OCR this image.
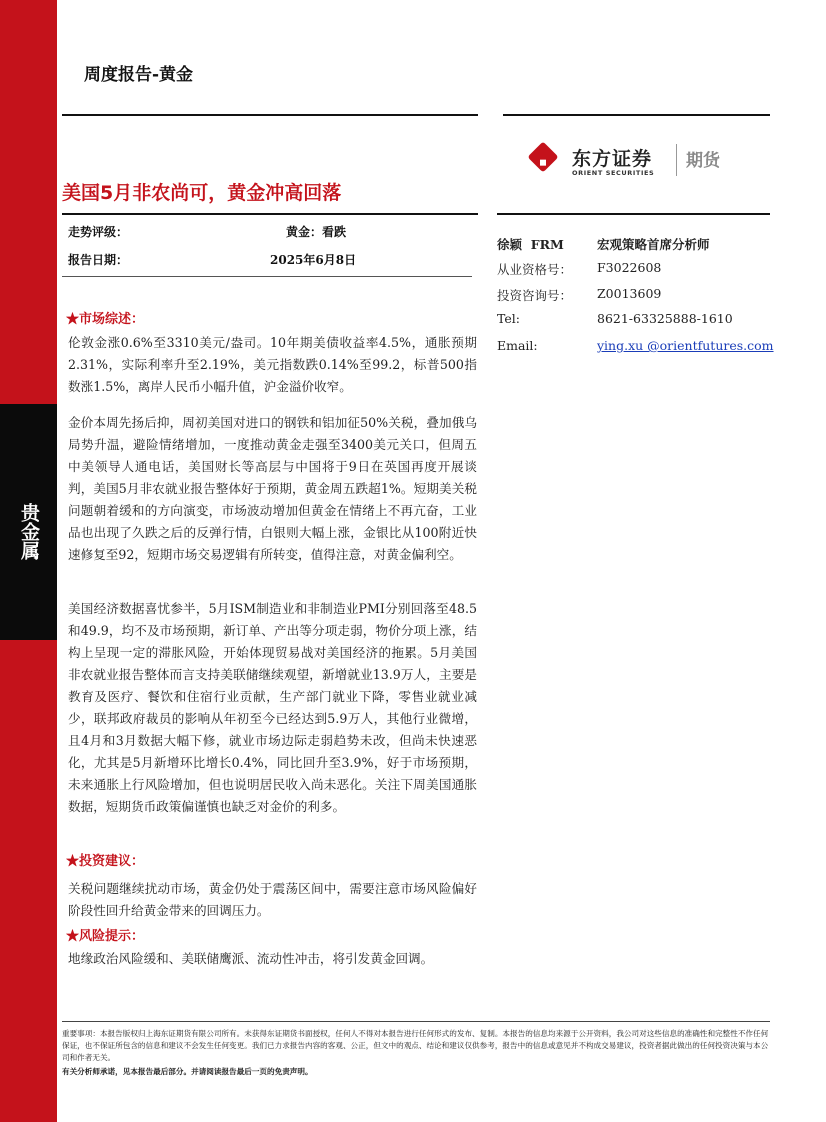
贵金属
周度报告-黄金
东方证券
ORIENT SECURITIES
期货
美国5月非农尚可，黄金冲高回落
走势评级：	黄金：看跌
报告日期：	2025年6月8日
徐颖  FRM	宏观策略首席分析师
从业资格号： F3022608
投资咨询号： Z0013609
Tel:	8621-63325888-1610
Email:	ying.xu @orientfutures.com
★市场综述：
伦敦金涨0.6%至3310美元/盎司。10年期美债收益率4.5%，通胀预期2.31%，实际利率升至2.19%，美元指数跌0.14%至99.2，标普500指数涨1.5%，离岸人民币小幅升值，沪金溢价收窄。
金价本周先扬后抑，周初美国对进口的钢铁和铝加征50%关税，叠加俄乌局势升温，避险情绪增加，一度推动黄金走强至3400美元关口，但周五中美领导人通电话，美国财长等高层与中国将于9日在英国再度开展谈判，美国5月非农就业报告整体好于预期，黄金周五跌超1%。短期美关税问题朝着缓和的方向演变，市场波动增加但黄金在情绪上不再亢奋，工业品也出现了久跌之后的反弹行情，白银则大幅上涨，金银比从100附近快速修复至92，短期市场交易逻辑有所转变，值得注意，对黄金偏利空。
美国经济数据喜忧参半，5月ISM制造业和非制造业PMI分别回落至48.5和49.9，均不及市场预期，新订单、产出等分项走弱，物价分项上涨，结构上呈现一定的滞胀风险，开始体现贸易战对美国经济的拖累。5月美国非农就业报告整体而言支持美联储继续观望，新增就业13.9万人，主要是教育及医疗、餐饮和住宿行业贡献，生产部门就业下降，零售业就业减少，联邦政府裁员的影响从年初至今已经达到5.9万人，其他行业微增，且4月和3月数据大幅下修，就业市场边际走弱趋势未改，但尚未快速恶化，尤其是5月新增环比增长0.4%，同比回升至3.9%，好于市场预期，未来通胀上行风险增加，但也说明居民收入尚未恶化。关注下周美国通胀数据，短期货币政策偏谨慎也缺乏对金价的利多。
★投资建议：
关税问题继续扰动市场，黄金仍处于震荡区间中，需要注意市场风险偏好阶段性回升给黄金带来的回调压力。
★风险提示：
地缘政治风险缓和、美联储鹰派、流动性冲击，将引发黄金回调。
重要事项：本报告版权归上海东证期货有限公司所有。未获得东证期货书面授权，任何人不得对本报告进行任何形式的发布、复制。本报告的信息均来源于公开资料，我公司对这些信息的准确性和完整性不作任何保证，也不保证所包含的信息和建议不会发生任何变更。我们已力求报告内容的客观、公正，但文中的观点、结论和建议仅供参考，报告中的信息或意见并不构成交易建议，投资者据此做出的任何投资决策与本公司和作者无关。
有关分析师承诺，见本报告最后部分。并请阅读报告最后一页的免责声明。
